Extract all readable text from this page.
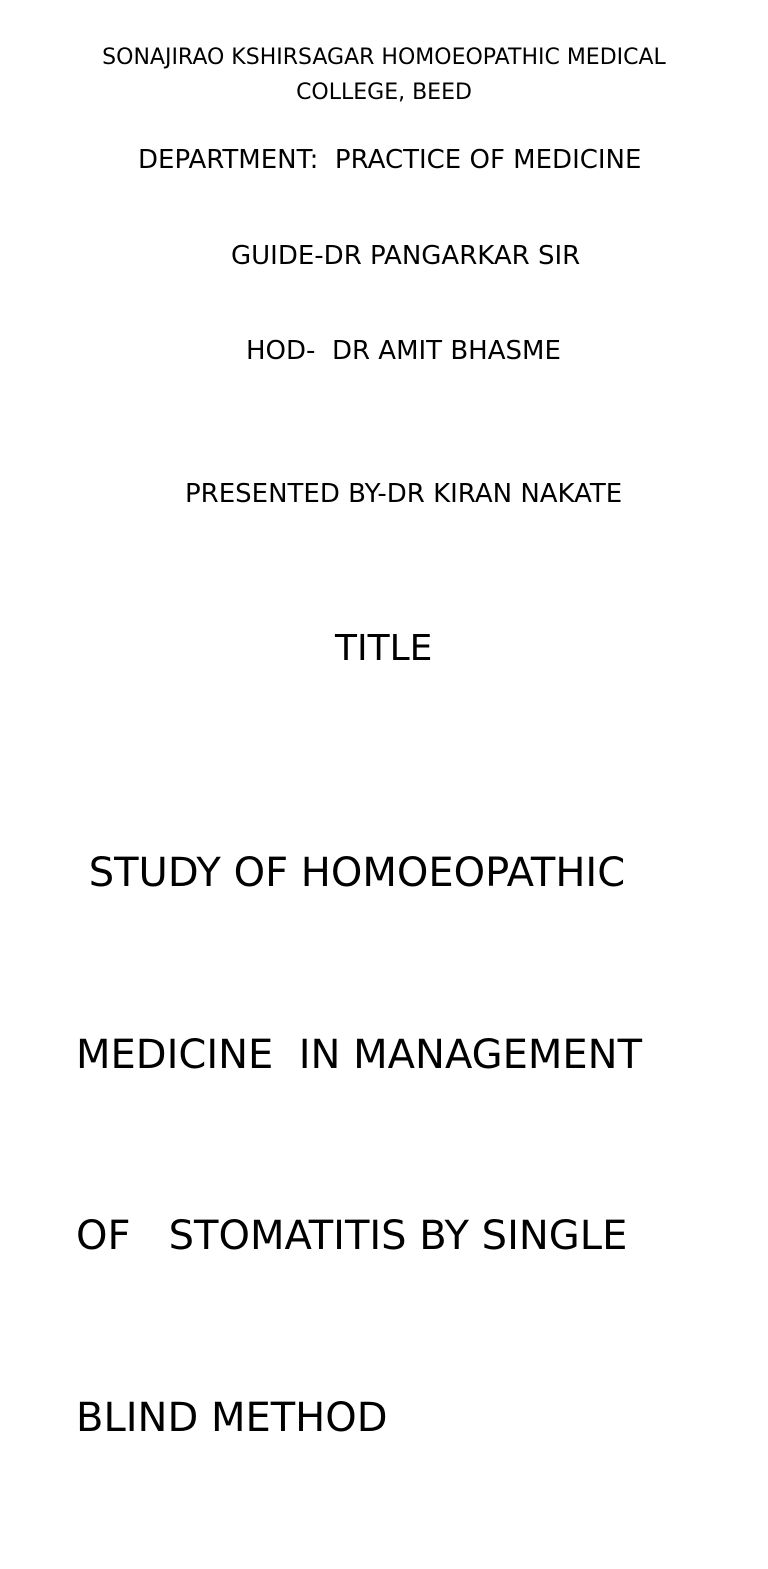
SONAJIRAO KSHIRSAGAR HOMOEOPATHIC MEDICAL
COLLEGE, BEED
DEPARTMENT:  PRACTICE OF MEDICINE
GUIDE-DR PANGARKAR SIR
HOD-  DR AMIT BHASME
PRESENTED BY-DR KIRAN NAKATE
TITLE

STUDY OF HOMOEOPATHIC

MEDICINE  IN MANAGEMENT

OF   STOMATITIS BY SINGLE

BLIND METHOD
